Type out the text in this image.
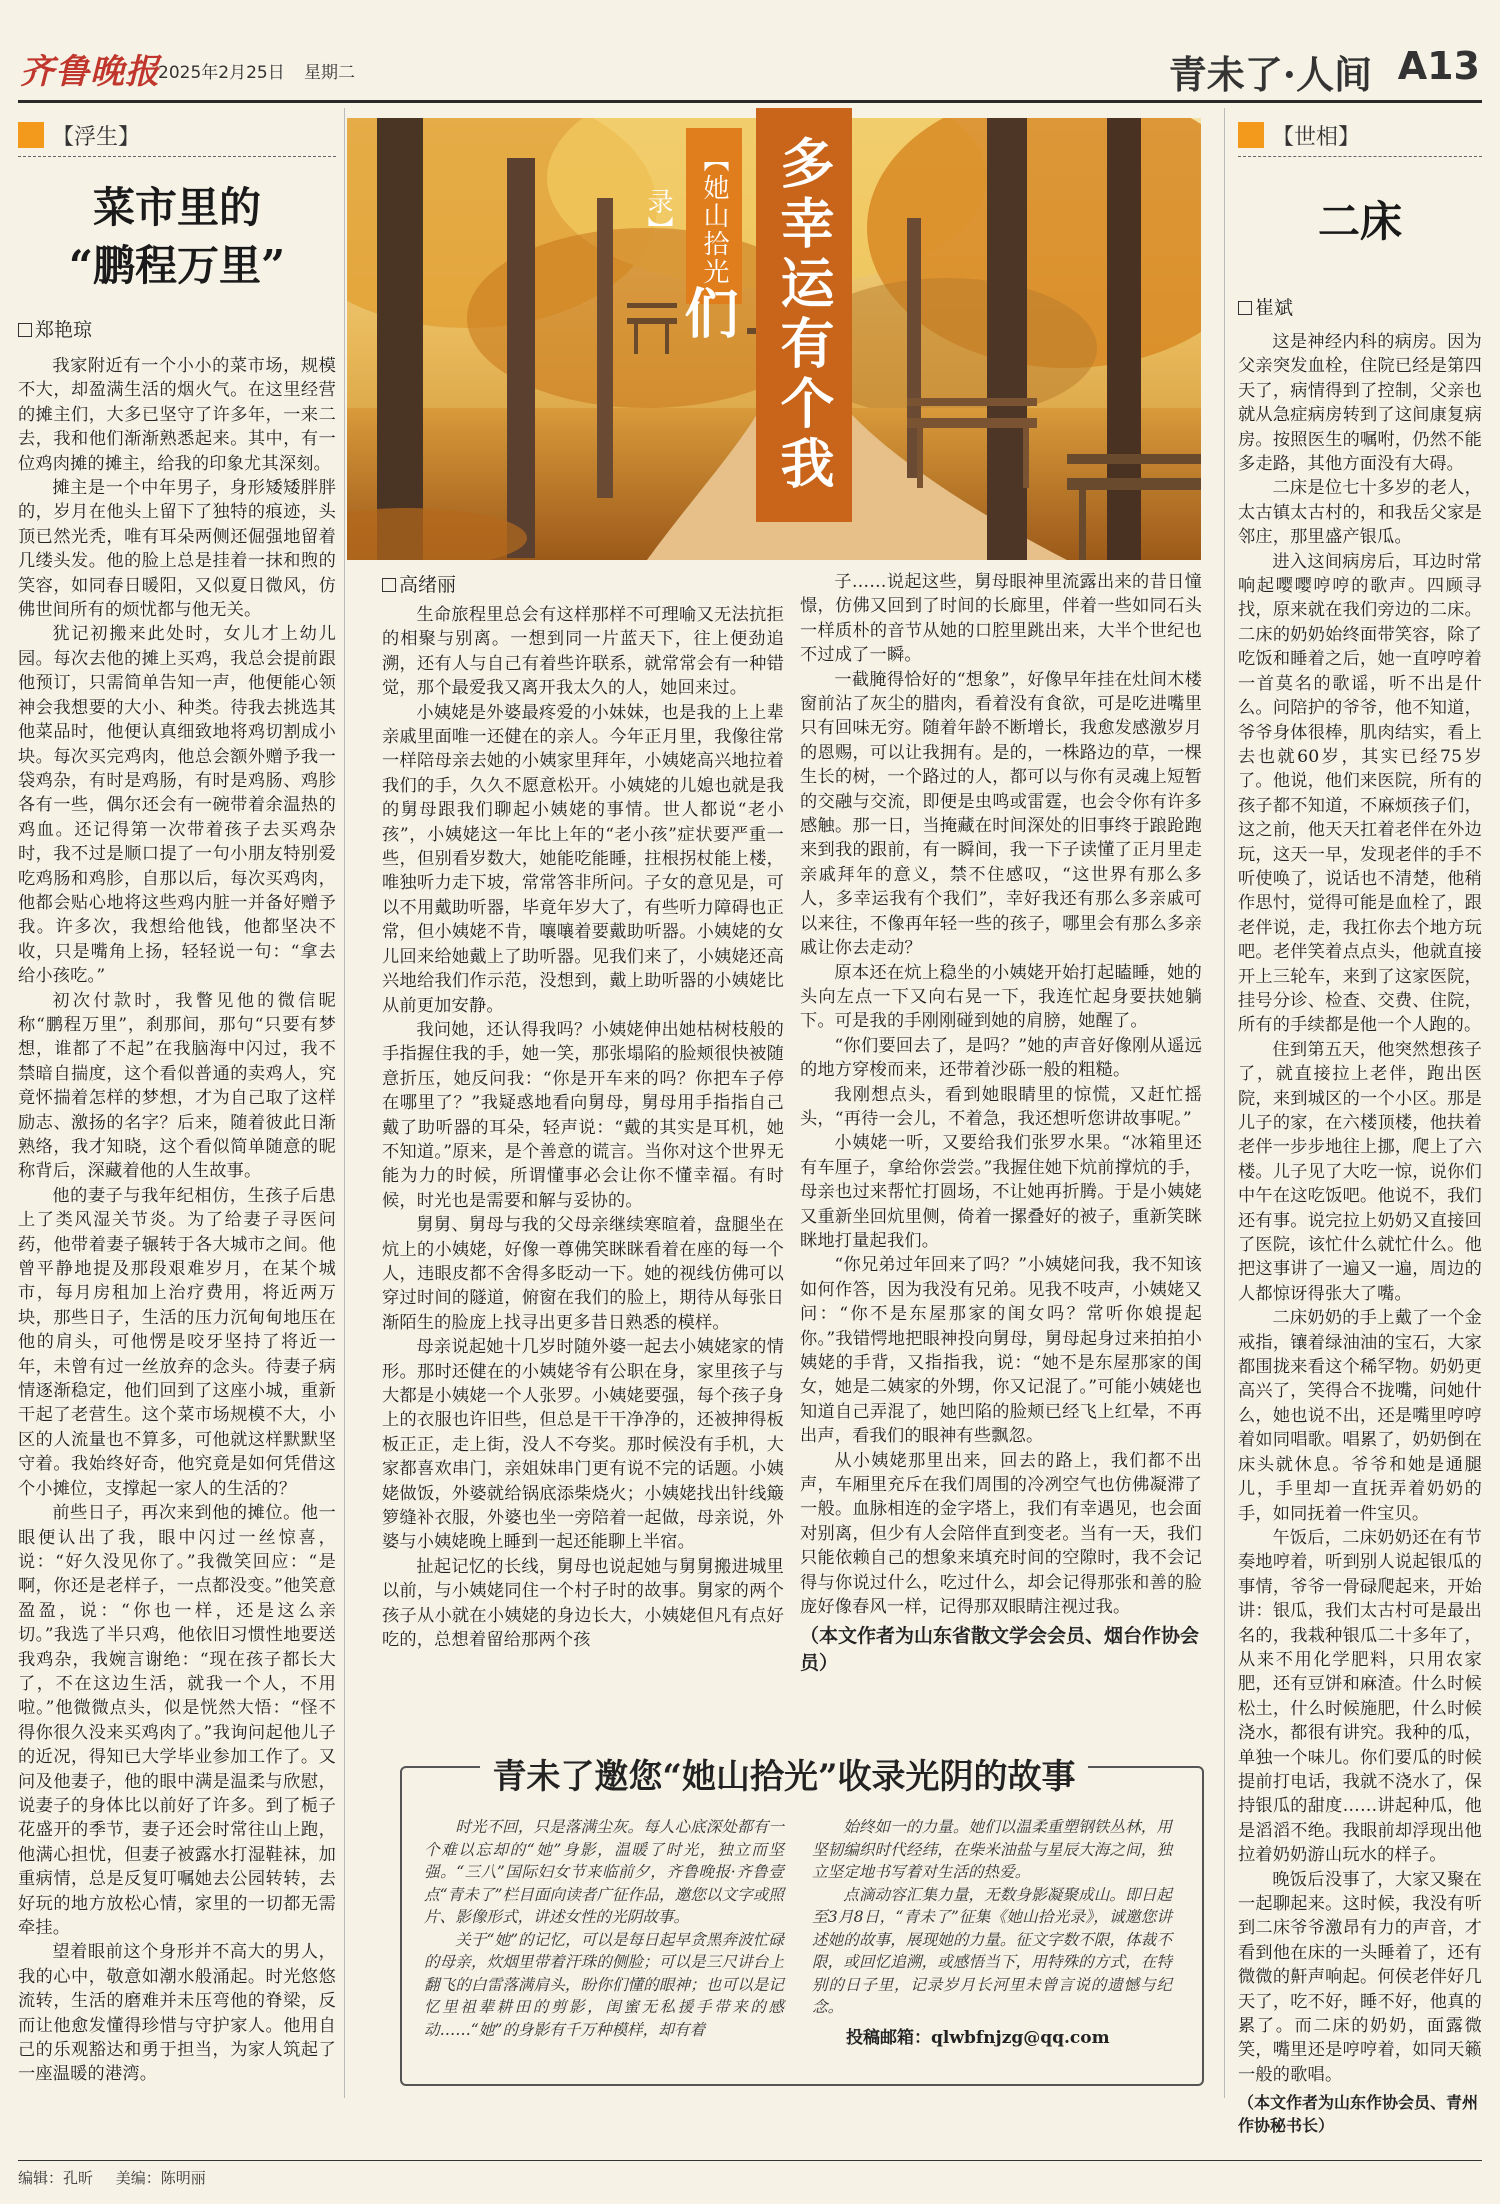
齐鲁晚报
2025年2月25日 星期二	青未了·人间 A13
【浮生】
菜市里的
“鹏程万里”
郑艳琼

我家附近有一个小小的菜市场，规模不大，却盈满生活的烟火气。在这里经营的摊主们，大多已坚守了许多年，一来二去，我和他们渐渐熟悉起来。其中，有一位鸡肉摊的摊主，给我的印象尤其深刻。

摊主是一个中年男子，身形矮矮胖胖的，岁月在他头上留下了独特的痕迹，头顶已然光秃，唯有耳朵两侧还倔强地留着几缕头发。他的脸上总是挂着一抹和煦的笑容，如同春日暖阳，又似夏日微风，仿佛世间所有的烦忧都与他无关。

犹记初搬来此处时，女儿才上幼儿园。每次去他的摊上买鸡，我总会提前跟他预订，只需简单告知一声，他便能心领神会我想要的大小、种类。待我去挑选其他菜品时，他便认真细致地将鸡切割成小块。每次买完鸡肉，他总会额外赠予我一袋鸡杂，有时是鸡肠，有时是鸡肠、鸡胗各有一些，偶尔还会有一碗带着余温热的鸡血。还记得第一次带着孩子去买鸡杂时，我不过是顺口提了一句小朋友特别爱吃鸡肠和鸡胗，自那以后，每次买鸡肉，他都会贴心地将这些鸡内脏一并备好赠予我。许多次，我想给他钱，他都坚决不收，只是嘴角上扬，轻轻说一句：“拿去给小孩吃。”

初次付款时，我瞥见他的微信昵称“鹏程万里”，刹那间，那句“只要有梦想，谁都了不起”在我脑海中闪过，我不禁暗自揣度，这个看似普通的卖鸡人，究竟怀揣着怎样的梦想，才为自己取了这样励志、激扬的名字？后来，随着彼此日渐熟络，我才知晓，这个看似简单随意的昵称背后，深藏着他的人生故事。

他的妻子与我年纪相仿，生孩子后患上了类风湿关节炎。为了给妻子寻医问药，他带着妻子辗转于各大城市之间。他曾平静地提及那段艰难岁月，在某个城市，每月房租加上治疗费用，将近两万块，那些日子，生活的压力沉甸甸地压在他的肩头，可他愣是咬牙坚持了将近一年，未曾有过一丝放弃的念头。待妻子病情逐渐稳定，他们回到了这座小城，重新干起了老营生。这个菜市场规模不大，小区的人流量也不算多，可他就这样默默坚守着。我始终好奇，他究竟是如何凭借这个小摊位，支撑起一家人的生活的？

前些日子，再次来到他的摊位。他一眼便认出了我，眼中闪过一丝惊喜，说：“好久没见你了。”我微笑回应：“是啊，你还是老样子，一点都没变。”他笑意盈盈，说：“你也一样，还是这么亲切。”我选了半只鸡，他依旧习惯性地要送我鸡杂，我婉言谢绝：“现在孩子都长大了，不在这边生活，就我一个人，不用啦。”他微微点头，似是恍然大悟：“怪不得你很久没来买鸡肉了。”我询问起他儿子的近况，得知已大学毕业参加工作了。又问及他妻子，他的眼中满是温柔与欣慰，说妻子的身体比以前好了许多。到了栀子花盛开的季节，妻子还会时常往山上跑，他满心担忧，但妻子被露水打湿鞋袜，加重病情，总是反复叮嘱她去公园转转，去好玩的地方放松心情，家里的一切都无需牵挂。

望着眼前这个身形并不高大的男人，我的心中，敬意如潮水般涌起。时光悠悠流转，生活的磨难并未压弯他的脊梁，反而让他愈发懂得珍惜与守护家人。他用自己的乐观豁达和勇于担当，为家人筑起了一座温暖的港湾。

【她山拾光录】	多幸运有个我们
高绪丽

生命旅程里总会有这样那样不可理喻又无法抗拒的相聚与别离。一想到同一片蓝天下，往上便劲追溯，还有人与自己有着些许联系，就常常会有一种错觉，那个最爱我又离开我太久的人，她回来过。

小姨姥是外婆最疼爱的小妹妹，也是我的上上辈亲戚里面唯一还健在的亲人。今年正月里，我像往常一样陪母亲去她的小姨家里拜年，小姨姥高兴地拉着我们的手，久久不愿意松开。小姨姥的儿媳也就是我的舅母跟我们聊起小姨姥的事情。世人都说“老小孩”，小姨姥这一年比上年的“老小孩”症状要严重一些，但别看岁数大，她能吃能睡，拄根拐杖能上楼，唯独听力走下坡，常常答非所问。子女的意见是，可以不用戴助听器，毕竟年岁大了，有些听力障碍也正常，但小姨姥不肯，嚷嚷着要戴助听器。小姨姥的女儿回来给她戴上了助听器。见我们来了，小姨姥还高兴地给我们作示范，没想到，戴上助听器的小姨姥比从前更加安静。

我问她，还认得我吗？小姨姥伸出她枯树枝般的手指握住我的手，她一笑，那张塌陷的脸颊很快被随意折压，她反问我：“你是开车来的吗？你把车子停在哪里了？”我疑惑地看向舅母，舅母用手指指自己戴了助听器的耳朵，轻声说：“戴的其实是耳机，她不知道。”原来，是个善意的谎言。当你对这个世界无能为力的时候，所谓懂事必会让你不懂幸福。有时候，时光也是需要和解与妥协的。

舅舅、舅母与我的父母亲继续寒暄着，盘腿坐在炕上的小姨姥，好像一尊佛笑眯眯看着在座的每一个人，违眼皮都不舍得多眨动一下。她的视线仿佛可以穿过时间的隧道，俯窗在我们的脸上，期待从每张日渐陌生的脸庞上找寻出更多昔日熟悉的模样。

母亲说起她十几岁时随外婆一起去小姨姥家的情形。那时还健在的小姨姥爷有公职在身，家里孩子与大都是小姨姥一个人张罗。小姨姥要强，每个孩子身上的衣服也许旧些，但总是干干净净的，还被抻得板板正正，走上街，没人不夸奖。那时候没有手机，大家都喜欢串门，亲姐妹串门更有说不完的话题。小姨姥做饭，外婆就给锅底添柴烧火；小姨姥找出针线簸箩缝补衣服，外婆也坐一旁陪着一起做，母亲说，外婆与小姨姥晚上睡到一起还能聊上半宿。

扯起记忆的长线，舅母也说起她与舅舅搬进城里以前，与小姨姥同住一个村子时的故事。舅家的两个孩子从小就在小姨姥的身边长大，小姨姥但凡有点好吃的，总想着留给那两个孩

子……说起这些，舅母眼神里流露出来的昔日憧憬，仿佛又回到了时间的长廊里，伴着一些如同石头一样质朴的音节从她的口腔里跳出来，大半个世纪也不过成了一瞬。

一截腌得恰好的“想象”，好像早年挂在灶间木楼窗前沾了灰尘的腊肉，看着没有食欲，可是吃进嘴里只有回味无穷。随着年龄不断增长，我愈发感激岁月的恩赐，可以让我拥有。是的，一株路边的草，一棵生长的树，一个路过的人，都可以与你有灵魂上短暂的交融与交流，即便是虫鸣或雷霆，也会令你有许多感触。那一日，当掩藏在时间深处的旧事终于踉跄跑来到我的跟前，有一瞬间，我一下子读懂了正月里走亲戚拜年的意义，禁不住感叹，“这世界有那么多人，多幸运我有个我们”，幸好我还有那么多亲戚可以来往，不像再年轻一些的孩子，哪里会有那么多亲戚让你去走动？

原本还在炕上稳坐的小姨姥开始打起瞌睡，她的头向左点一下又向右晃一下，我连忙起身要扶她躺下。可是我的手刚刚碰到她的肩膀，她醒了。

“你们要回去了，是吗？”她的声音好像刚从遥远的地方穿梭而来，还带着沙砾一般的粗糙。

我刚想点头，看到她眼睛里的惊慌，又赶忙摇头，“再待一会儿，不着急，我还想听您讲故事呢。”

小姨姥一听，又要给我们张罗水果。“冰箱里还有车厘子，拿给你尝尝。”我握住她下炕前撑炕的手，母亲也过来帮忙打圆场，不让她再折腾。于是小姨姥又重新坐回炕里侧，倚着一摞叠好的被子，重新笑眯眯地打量起我们。

“你兄弟过年回来了吗？”小姨姥问我，我不知该如何作答，因为我没有兄弟。见我不吱声，小姨姥又问：“你不是东屋那家的闺女吗？常听你娘提起你。”我错愕地把眼神投向舅母，舅母起身过来拍拍小姨姥的手背，又指指我，说：“她不是东屋那家的闺女，她是二姨家的外甥，你又记混了。”可能小姨姥也知道自己弄混了，她凹陷的脸颊已经飞上红晕，不再出声，看我们的眼神有些飘忽。

从小姨姥那里出来，回去的路上，我们都不出声，车厢里充斥在我们周围的冷冽空气也仿佛凝滞了一般。血脉相连的金字塔上，我们有幸遇见，也会面对别离，但少有人会陪伴直到变老。当有一天，我们只能依赖自己的想象来填充时间的空隙时，我不会记得与你说过什么，吃过什么，却会记得那张和善的脸庞好像春风一样，记得那双眼睛注视过我。

（本文作者为山东省散文学会会员、烟台作协会员）

时光不回，只是落满尘灰。每人心底深处都有一个难以忘却的“她”身影，温暖了时光，独立而坚强。“三八”国际妇女节来临前夕，齐鲁晚报·齐鲁壹点“青未了”栏目面向读者广征作品，邀您以文字或照片、影像形式，讲述女性的光阴故事。

关于“她”的记忆，可以是每日起早贪黑奔波忙碌的母亲，炊烟里带着汗珠的侧脸；可以是三尺讲台上翻飞的白雷落满肩头，盼你们懂的眼神；也可以是记忆里祖辈耕田的剪影，闺蜜无私援手带来的感动……“她”的身影有千万种模样，却有着

始终如一的力量。她们以温柔重塑钢铁丛林，用坚韧编织时代经纬，在柴米油盐与星辰大海之间，独立坚定地书写着对生活的热爱。

点滴动容汇集力量，无数身影凝聚成山。即日起至3月8日，“青未了”征集《她山拾光录》，诚邀您讲述她的故事，展现她的力量。征文字数不限，体裁不限，或回忆追溯，或感悟当下，用特殊的方式，在特别的日子里，记录岁月长河里未曾言说的遗憾与纪念。

投稿邮箱：qlwbfnjzg@qq.com
青未了邀您“她山拾光”收录光阴的故事
【世相】
二床
崔斌

这是神经内科的病房。因为父亲突发血栓，住院已经是第四天了，病情得到了控制，父亲也就从急症病房转到了这间康复病房。按照医生的嘱咐，仍然不能多走路，其他方面没有大碍。

二床是位七十多岁的老人，太古镇太古村的，和我岳父家是邻庄，那里盛产银瓜。

进入这间病房后，耳边时常响起嘤嘤哼哼的歌声。四顾寻找，原来就在我们旁边的二床。二床的奶奶始终面带笑容，除了吃饭和睡着之后，她一直哼哼着一首莫名的歌谣，听不出是什么。问陪护的爷爷，他不知道，爷爷身体很棒，肌肉结实，看上去也就60岁，其实已经75岁了。他说，他们来医院，所有的孩子都不知道，不麻烦孩子们，这之前，他天天扛着老伴在外边玩，这天一早，发现老伴的手不听使唤了，说话也不清楚，他稍作思忖，觉得可能是血栓了，跟老伴说，走，我扛你去个地方玩吧。老伴笑着点点头，他就直接开上三轮车，来到了这家医院，挂号分诊、检查、交费、住院，所有的手续都是他一个人跑的。

住到第五天，他突然想孩子了，就直接拉上老伴，跑出医院，来到城区的一个小区。那是儿子的家，在六楼顶楼，他扶着老伴一步步地往上挪，爬上了六楼。儿子见了大吃一惊，说你们中午在这吃饭吧。他说不，我们还有事。说完拉上奶奶又直接回了医院，该忙什么就忙什么。他把这事讲了一遍又一遍，周边的人都惊讶得张大了嘴。

二床奶奶的手上戴了一个金戒指，镶着绿油油的宝石，大家都围拢来看这个稀罕物。奶奶更高兴了，笑得合不拢嘴，问她什么，她也说不出，还是嘴里哼哼着如同唱歌。唱累了，奶奶倒在床头就休息。爷爷和她是通腿儿，手里却一直抚弄着奶奶的手，如同抚着一件宝贝。

午饭后，二床奶奶还在有节奏地哼着，听到别人说起银瓜的事情，爷爷一骨碌爬起来，开始讲：银瓜，我们太古村可是最出名的，我栽种银瓜二十多年了，从来不用化学肥料，只用农家肥，还有豆饼和麻渣。什么时候松土，什么时候施肥，什么时候浇水，都很有讲究。我种的瓜，单独一个味儿。你们要瓜的时候提前打电话，我就不浇水了，保持银瓜的甜度……讲起种瓜，他是滔滔不绝。我眼前却浮现出他拉着奶奶游山玩水的样子。

晚饭后没事了，大家又聚在一起聊起来。这时候，我没有听到二床爷爷激昂有力的声音，才看到他在床的一头睡着了，还有微微的鼾声响起。何侯老伴好几天了，吃不好，睡不好，他真的累了。而二床的奶奶，面露微笑，嘴里还是哼哼着，如同天籁一般的歌唱。

（本文作者为山东作协会员、青州作协秘书长）
编辑：孔昕 美编：陈明丽
